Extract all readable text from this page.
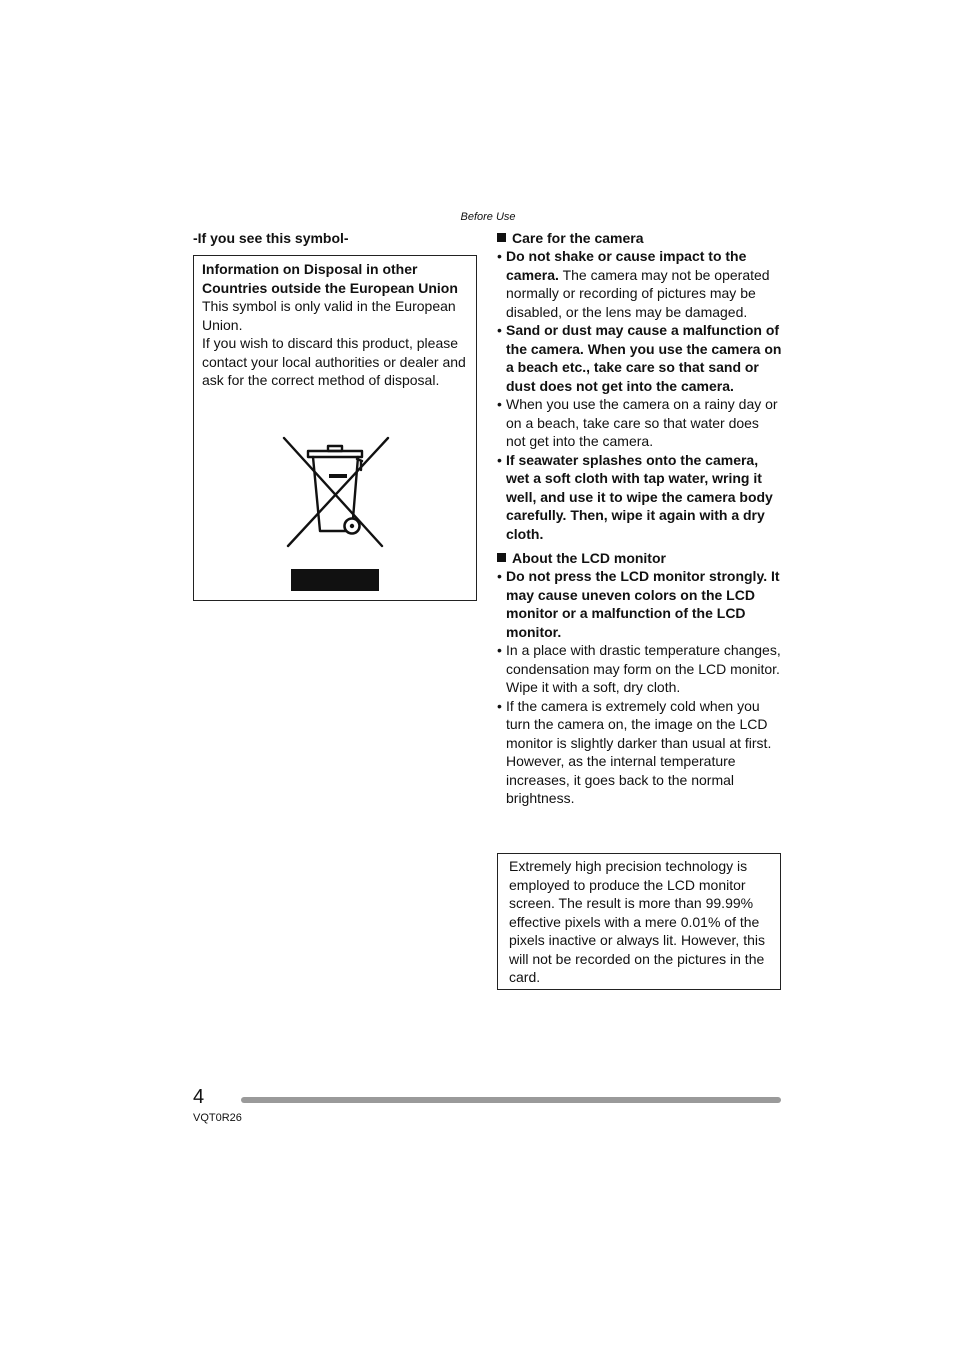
Before Use
-If you see this symbol-
Information on Disposal in other Countries outside the European Union
This symbol is only valid in the European Union.
If you wish to discard this product, please contact your local authorities or dealer and ask for the correct method of disposal.
Care for the camera
• Do not shake or cause impact to the camera. The camera may not be operated normally or recording of pictures may be disabled, or the lens may be damaged.
• Sand or dust may cause a malfunction of the camera. When you use the camera on a beach etc., take care so that sand or dust does not get into the camera.
• When you use the camera on a rainy day or on a beach, take care so that water does not get into the camera.
• If seawater splashes onto the camera, wet a soft cloth with tap water, wring it well, and use it to wipe the camera body carefully. Then, wipe it again with a dry cloth.
About the LCD monitor
• Do not press the LCD monitor strongly. It may cause uneven colors on the LCD monitor or a malfunction of the LCD monitor.
• In a place with drastic temperature changes, condensation may form on the LCD monitor. Wipe it with a soft, dry cloth.
• If the camera is extremely cold when you turn the camera on, the image on the LCD monitor is slightly darker than usual at first. However, as the internal temperature increases, it goes back to the normal brightness.
Extremely high precision technology is employed to produce the LCD monitor screen. The result is more than 99.99% effective pixels with a mere 0.01% of the pixels inactive or always lit. However, this will not be recorded on the pictures in the card.
4
VQT0R26
